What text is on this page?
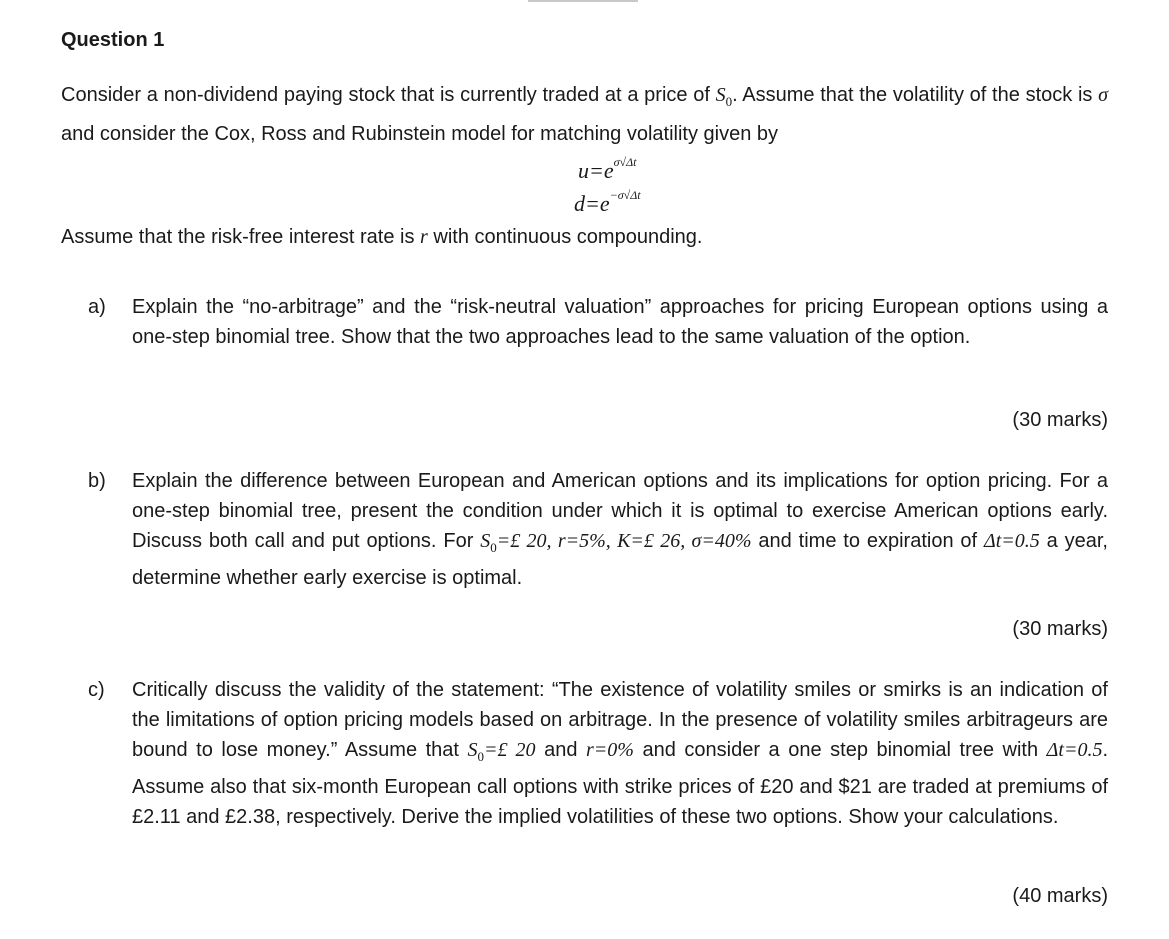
Question 1
Consider a non-dividend paying stock that is currently traded at a price of $S_0$. Assume that the volatility of the stock is σ and consider the Cox, Ross and Rubinstein model for matching volatility given by
$u=e^{\sigma√\Delta t}$
$d=e^{-\sigma√\Delta t}$
Assume that the risk-free interest rate is r with continuous compounding.
a)	Explain the “no-arbitrage” and the “risk-neutral valuation” approaches for pricing European options using a one-step binomial tree. Show that the two approaches lead to the same valuation of the option.
(30 marks)
b)	Explain the difference between European and American options and its implications for option pricing. For a one-step binomial tree, present the condition under which it is optimal to exercise American options early. Discuss both call and put options. For $S_0=£$ 20, r=5%, K=£ 26, σ=40% and time to expiration of Δt=0.5 a year, determine whether early exercise is optimal.
(30 marks)
c)	Critically discuss the validity of the statement: “The existence of volatility smiles or smirks is an indication of the limitations of option pricing models based on arbitrage. In the presence of volatility smiles arbitrageurs are bound to lose money.” Assume that $S_0=£$ 20 and r=0% and consider a one step binomial tree with Δt=0.5. Assume also that six-month European call options with strike prices of £20 and $21 are traded at premiums of £2.11 and £2.38, respectively. Derive the implied volatilities of these two options. Show your calculations.
(40 marks)
